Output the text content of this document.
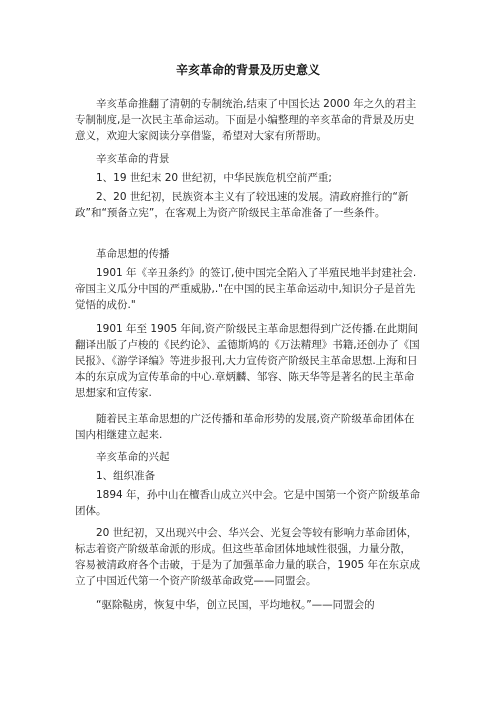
辛亥革命的背景及历史意义

辛亥革命推翻了清朝的专制统治,结束了中国长达 2000 年之久的君主专制制度,是一次民主革命运动。下面是小编整理的辛亥革命的背景及历史意义，欢迎大家阅读分享借鉴，希望对大家有所帮助。

辛亥革命的背景

1、19 世纪末 20 世纪初，中华民族危机空前严重;

2、20 世纪初，民族资本主义有了较迅速的发展。清政府推行的“新政”和“预备立宪”，在客观上为资产阶级民主革命准备了一些条件。

革命思想的传播

1901 年《辛丑条约》的签订,使中国完全陷入了半殖民地半封建社会.帝国主义瓜分中国的严重威胁,."在中国的民主革命运动中,知识分子是首先觉悟的成份."

1901 年至 1905 年间,资产阶级民主革命思想得到广泛传播.在此期间翻译出版了卢梭的《民约论》、孟德斯鸠的《万法精理》书籍,还创办了《国民报》、《游学译编》等进步报刊,大力宣传资产阶级民主革命思想.上海和日本的东京成为宣传革命的中心.章炳麟、邹容、陈天华等是著名的民主革命思想家和宣传家.

随着民主革命思想的广泛传播和革命形势的发展,资产阶级革命团体在国内相继建立起来.

辛亥革命的兴起

1、组织准备

1894 年，孙中山在檀香山成立兴中会。它是中国第一个资产阶级革命团体。

20 世纪初，又出现兴中会、华兴会、光复会等较有影响力革命团体，标志着资产阶级革命派的形成。但这些革命团体地域性很强，力量分散，容易被清政府各个击破，于是为了加强革命力量的联合，1905 年在东京成立了中国近代第一个资产阶级革命政党——同盟会。

“驱除鞑虏，恢复中华，创立民国，平均地权。”——同盟会的
